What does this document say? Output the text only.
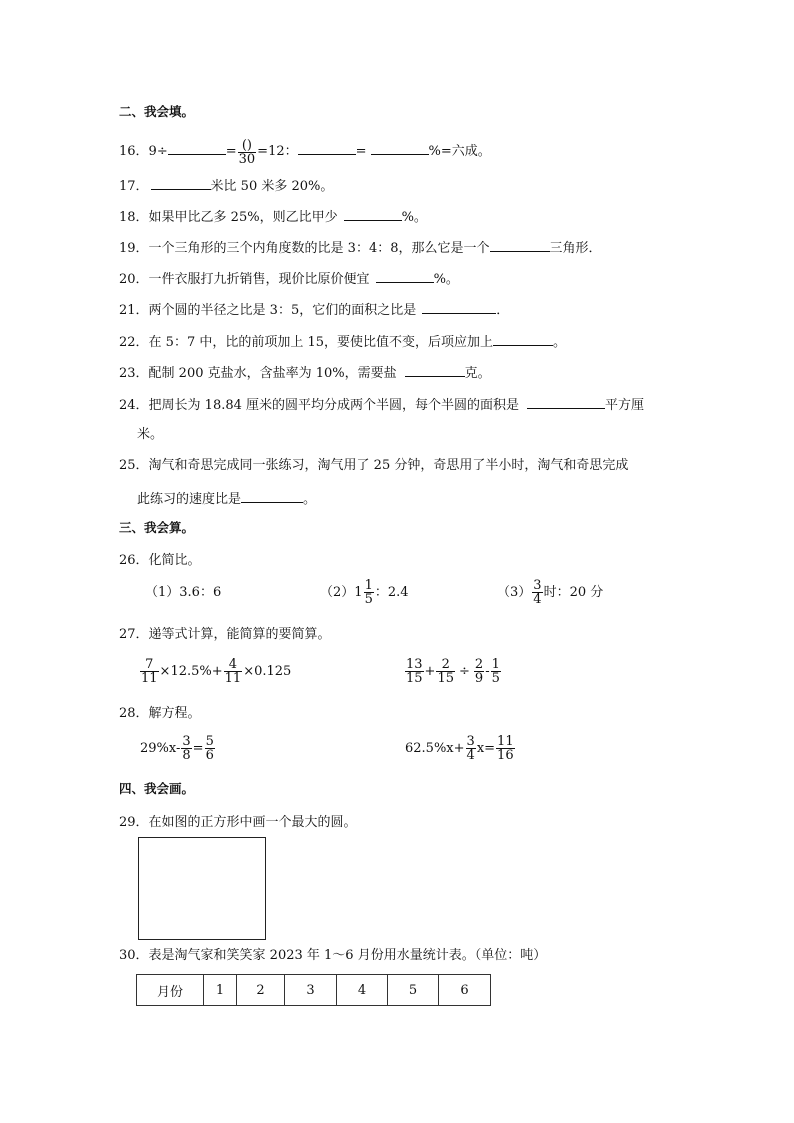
二、我会填。
16．9÷	= $\frac{()}{30} =12$：	=	%=六成。
17．	米比 50 米多 20%。
18．如果甲比乙多 25%，则乙比甲少	%。
19．一个三角形的三个内角度数的比是 3：4：8，那么它是一个	三角形．
20．一件衣服打九折销售，现价比原价便宜	%。
21．两个圆的半径之比是 3：5，它们的面积之比是	．
22．在 5：7 中，比的前项加上 15，要使比值不变，后项应加上	。
23．配制 200 克盐水，含盐率为 10%，需要盐	克。
24．把周长为 18.84 厘米的圆平均分成两个半圆，每个半圆的面积是	平方厘
米。
25．淘气和奇思完成同一张练习，淘气用了 25 分钟，奇思用了半小时，淘气和奇思完成
此练习的速度比是	。
三、我会算。
26．化简比。
（1）3.6：6	（2） $1 \frac{1}{5}$ ：2.4	$(3) \frac{3}{4}$ 时：20 分
27．递等式计算，能简算的要简算。
$\frac{7}{11} \times 12.5\%+ \frac{4}{11} \times 0.125$	$\frac{13}{15} + \frac{2}{15} \div \frac{2}{9} - \frac{1}{5}$
28．解方程。
$29\%x- \frac{3}{8} = \frac{5}{6}$	$62.5\%x+ \frac{3}{4} x= \frac{11}{16}$
四、我会画。
29．在如图的正方形中画一个最大的圆。
30．表是淘气家和笑笑家 2023 年 1～6 月份用水量统计表。（单位：吨）
月份	1	2	3	4	5	6
